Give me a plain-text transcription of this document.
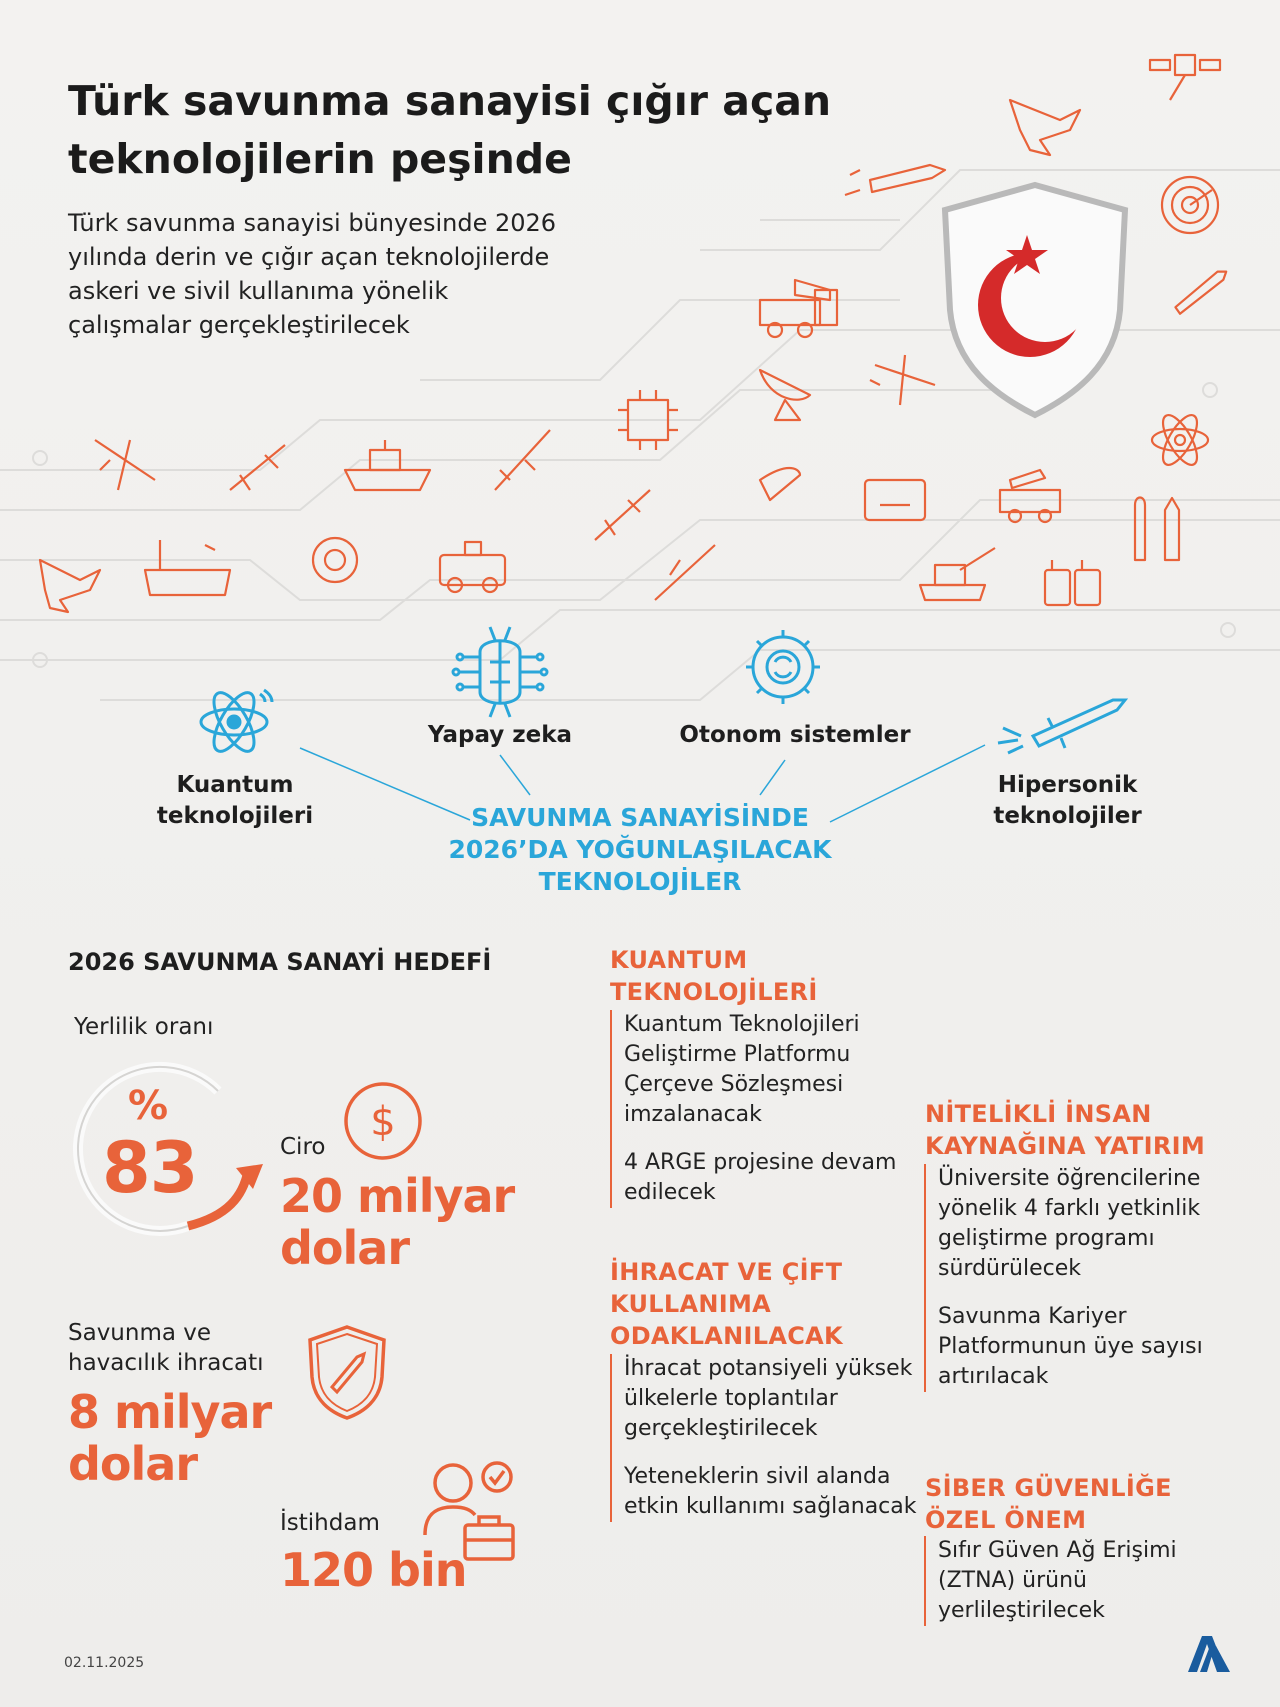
Türk savunma sanayisi çığır açan teknolojilerin peşinde
Türk savunma sanayisi bünyesinde 2026 yılında derin ve çığır açan teknolojilerde askeri ve sivil kullanıma yönelik çalışmalar gerçekleştirilecek
Kuantum teknolojileri
Yapay zeka	Otonom sistemler
Hipersonik teknolojiler
SAVUNMA SANAYİSİNDE 2026’DA YOĞUNLAŞILACAK TEKNOLOJİLER
2026 SAVUNMA SANAYİ HEDEFİ
Yerlilik oranı
%
83
$
Ciro
20 milyar dolar
Savunma ve havacılık ihracatı
8 milyar dolar
İstihdam
120 bin
KUANTUM TEKNOLOJİLERİ

Kuantum Teknolojileri Geliştirme Platformu Çerçeve Sözleşmesi imzalanacak

4 ARGE projesine devam edilecek

İHRACAT VE ÇİFT KULLANIMA ODAKLANILACAK

İhracat potansiyeli yüksek ülkelerle toplantılar gerçekleştirilecek

Yeteneklerin sivil alanda etkin kullanımı sağlanacak

NİTELİKLİ İNSAN KAYNAĞINA YATIRIM

Üniversite öğrencilerine yönelik 4 farklı yetkinlik geliştirme programı sürdürülecek

Savunma Kariyer Platformunun üye sayısı artırılacak

SİBER GÜVENLİĞE ÖZEL ÖNEM

Sıfır Güven Ağ Erişimi (ZTNA) ürünü yerlileştirilecek

02.11.2025
